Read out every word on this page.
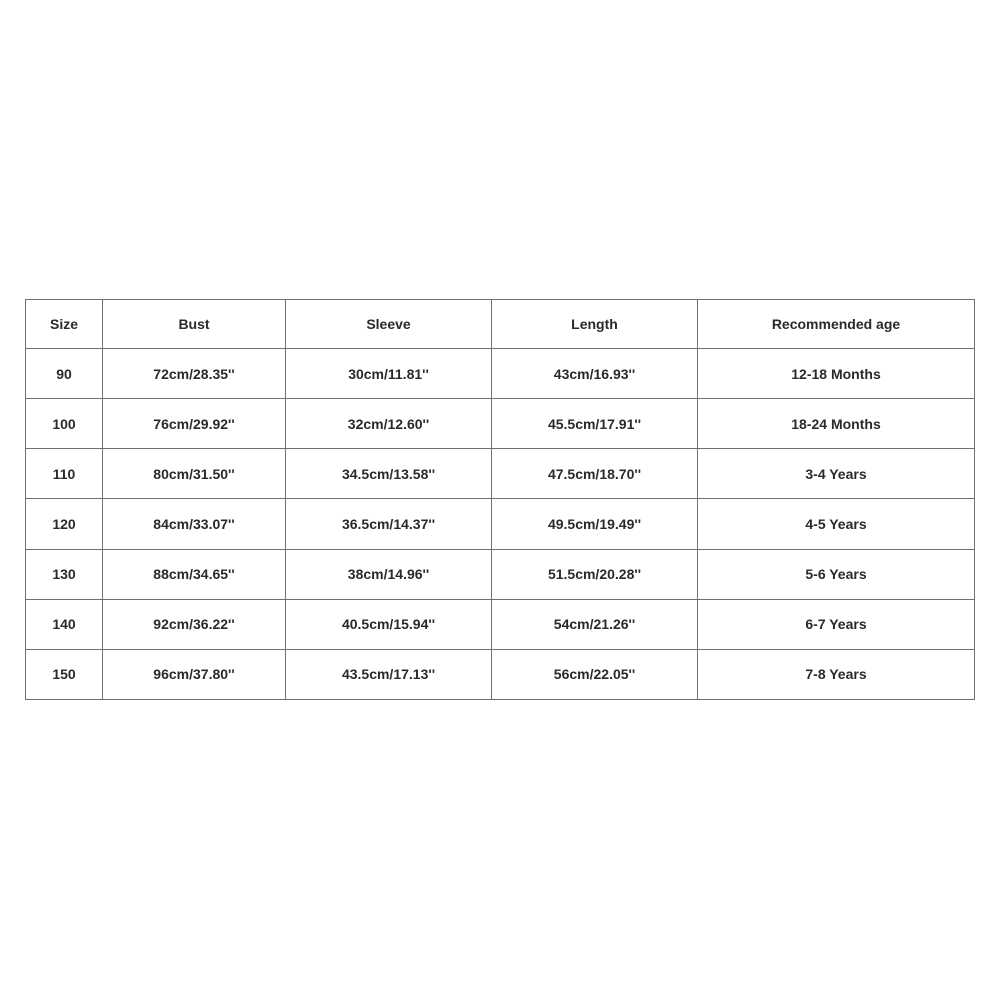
Size	Bust	Sleeve	Length	Recommended age
90	72cm/28.35''	30cm/11.81''	43cm/16.93''	12-18 Months
100	76cm/29.92''	32cm/12.60''	45.5cm/17.91''	18-24 Months
110	80cm/31.50''	34.5cm/13.58''	47.5cm/18.70''	3-4 Years
120	84cm/33.07''	36.5cm/14.37''	49.5cm/19.49''	4-5 Years
130	88cm/34.65''	38cm/14.96''	51.5cm/20.28''	5-6 Years
140	92cm/36.22''	40.5cm/15.94''	54cm/21.26''	6-7 Years
150	96cm/37.80''	43.5cm/17.13''	56cm/22.05''	7-8 Years
